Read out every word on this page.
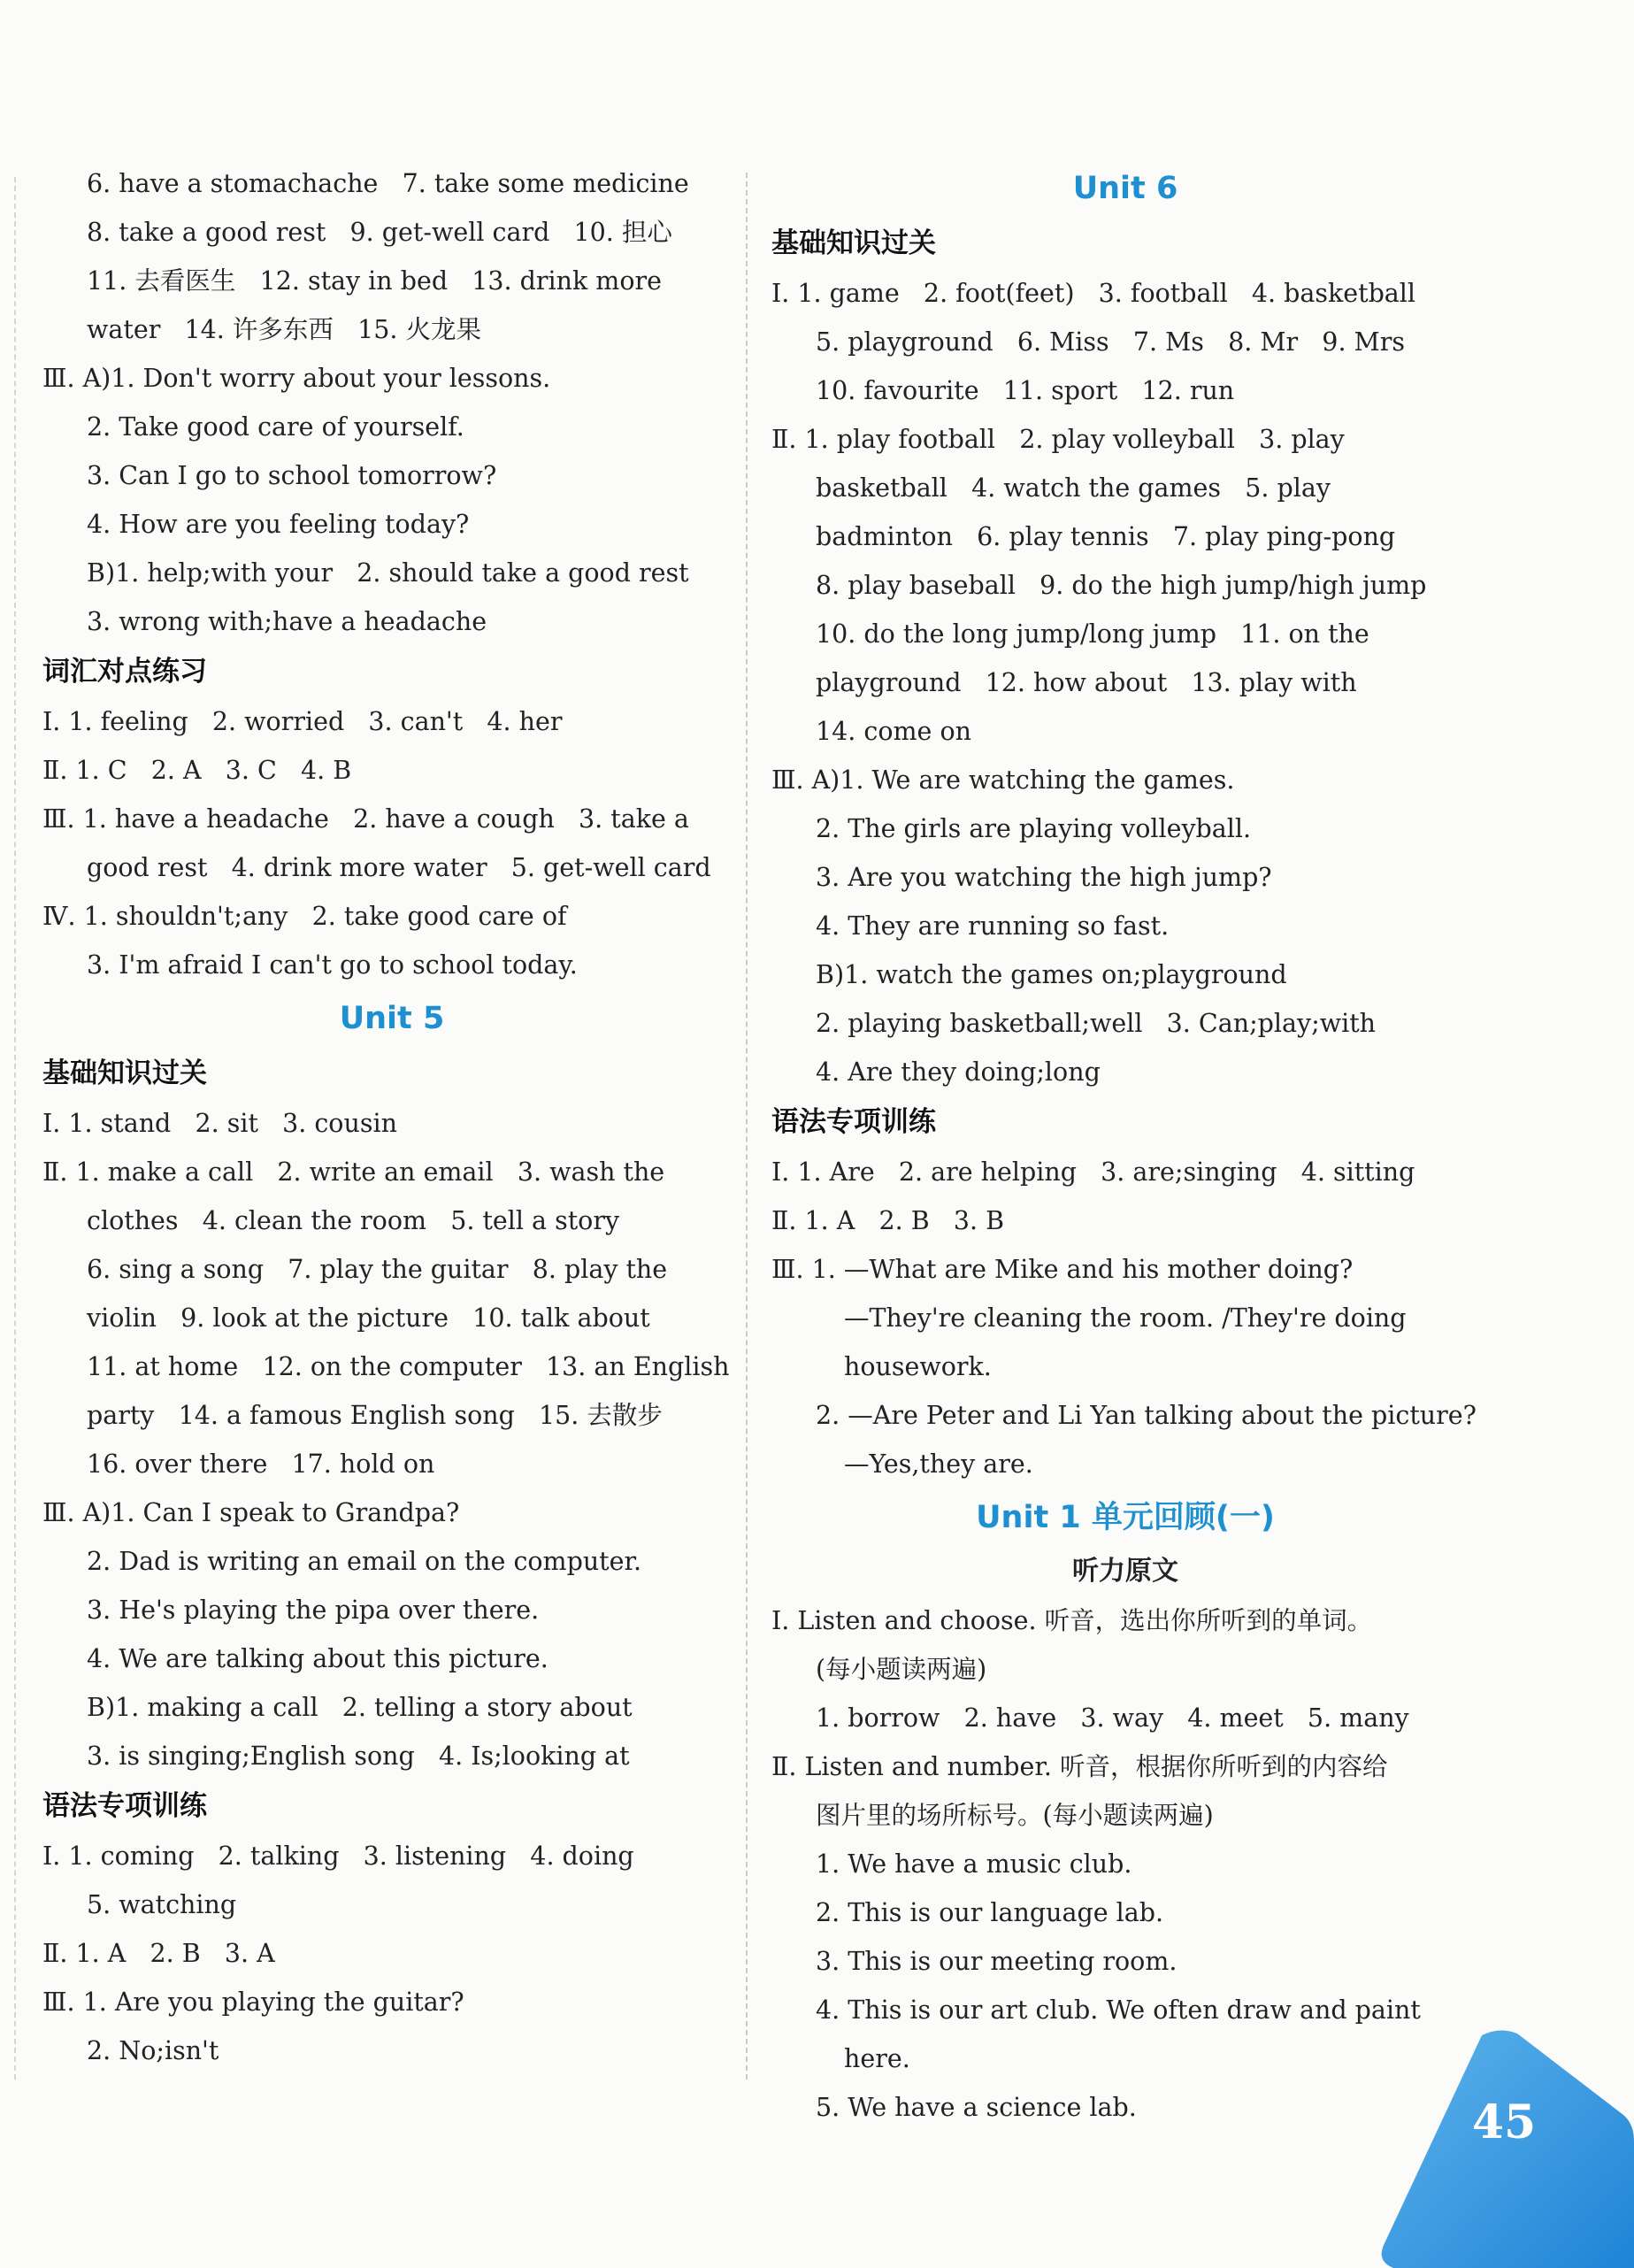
6. have a stomachache   7. take some medicine
8. take a good rest   9. get-well card   10. 担心
11. 去看医生   12. stay in bed   13. drink more
water   14. 许多东西   15. 火龙果
Ⅲ. A)1. Don't worry about your lessons.
2. Take good care of yourself.
3. Can I go to school tomorrow?
4. How are you feeling today?
B)1. help;with your   2. should take a good rest
3. wrong with;have a headache
词汇对点练习
Ⅰ. 1. feeling   2. worried   3. can't   4. her
Ⅱ. 1. C   2. A   3. C   4. B
Ⅲ. 1. have a headache   2. have a cough   3. take a
good rest   4. drink more water   5. get-well card
Ⅳ. 1. shouldn't;any   2. take good care of
3. I'm afraid I can't go to school today.
Unit 5
基础知识过关
Ⅰ. 1. stand   2. sit   3. cousin
Ⅱ. 1. make a call   2. write an email   3. wash the
clothes   4. clean the room   5. tell a story
6. sing a song   7. play the guitar   8. play the
violin   9. look at the picture   10. talk about
11. at home   12. on the computer   13. an English
party   14. a famous English song   15. 去散步
16. over there   17. hold on
Ⅲ. A)1. Can I speak to Grandpa?
2. Dad is writing an email on the computer.
3. He's playing the pipa over there.
4. We are talking about this picture.
B)1. making a call   2. telling a story about
3. is singing;English song   4. Is;looking at
语法专项训练
Ⅰ. 1. coming   2. talking   3. listening   4. doing
5. watching
Ⅱ. 1. A   2. B   3. A
Ⅲ. 1. Are you playing the guitar?
2. No;isn't
Unit 6
基础知识过关
Ⅰ. 1. game   2. foot(feet)   3. football   4. basketball
5. playground   6. Miss   7. Ms   8. Mr   9. Mrs
10. favourite   11. sport   12. run
Ⅱ. 1. play football   2. play volleyball   3. play
basketball   4. watch the games   5. play
badminton   6. play tennis   7. play ping-pong
8. play baseball   9. do the high jump/high jump
10. do the long jump/long jump   11. on the
playground   12. how about   13. play with
14. come on
Ⅲ. A)1. We are watching the games.
2. The girls are playing volleyball.
3. Are you watching the high jump?
4. They are running so fast.
B)1. watch the games on;playground
2. playing basketball;well   3. Can;play;with
4. Are they doing;long
语法专项训练
Ⅰ. 1. Are   2. are helping   3. are;singing   4. sitting
Ⅱ. 1. A   2. B   3. B
Ⅲ. 1. —What are Mike and his mother doing?
—They're cleaning the room. /They're doing
housework.
2. —Are Peter and Li Yan talking about the picture?
—Yes,they are.
Unit 1 单元回顾(一)
听力原文
Ⅰ. Listen and choose. 听音，选出你所听到的单词。
(每小题读两遍)
1. borrow   2. have   3. way   4. meet   5. many
Ⅱ. Listen and number. 听音，根据你所听到的内容给
图片里的场所标号。(每小题读两遍)
1. We have a music club.
2. This is our language lab.
3. This is our meeting room.
4. This is our art club. We often draw and paint
here.
5. We have a science lab.	45
